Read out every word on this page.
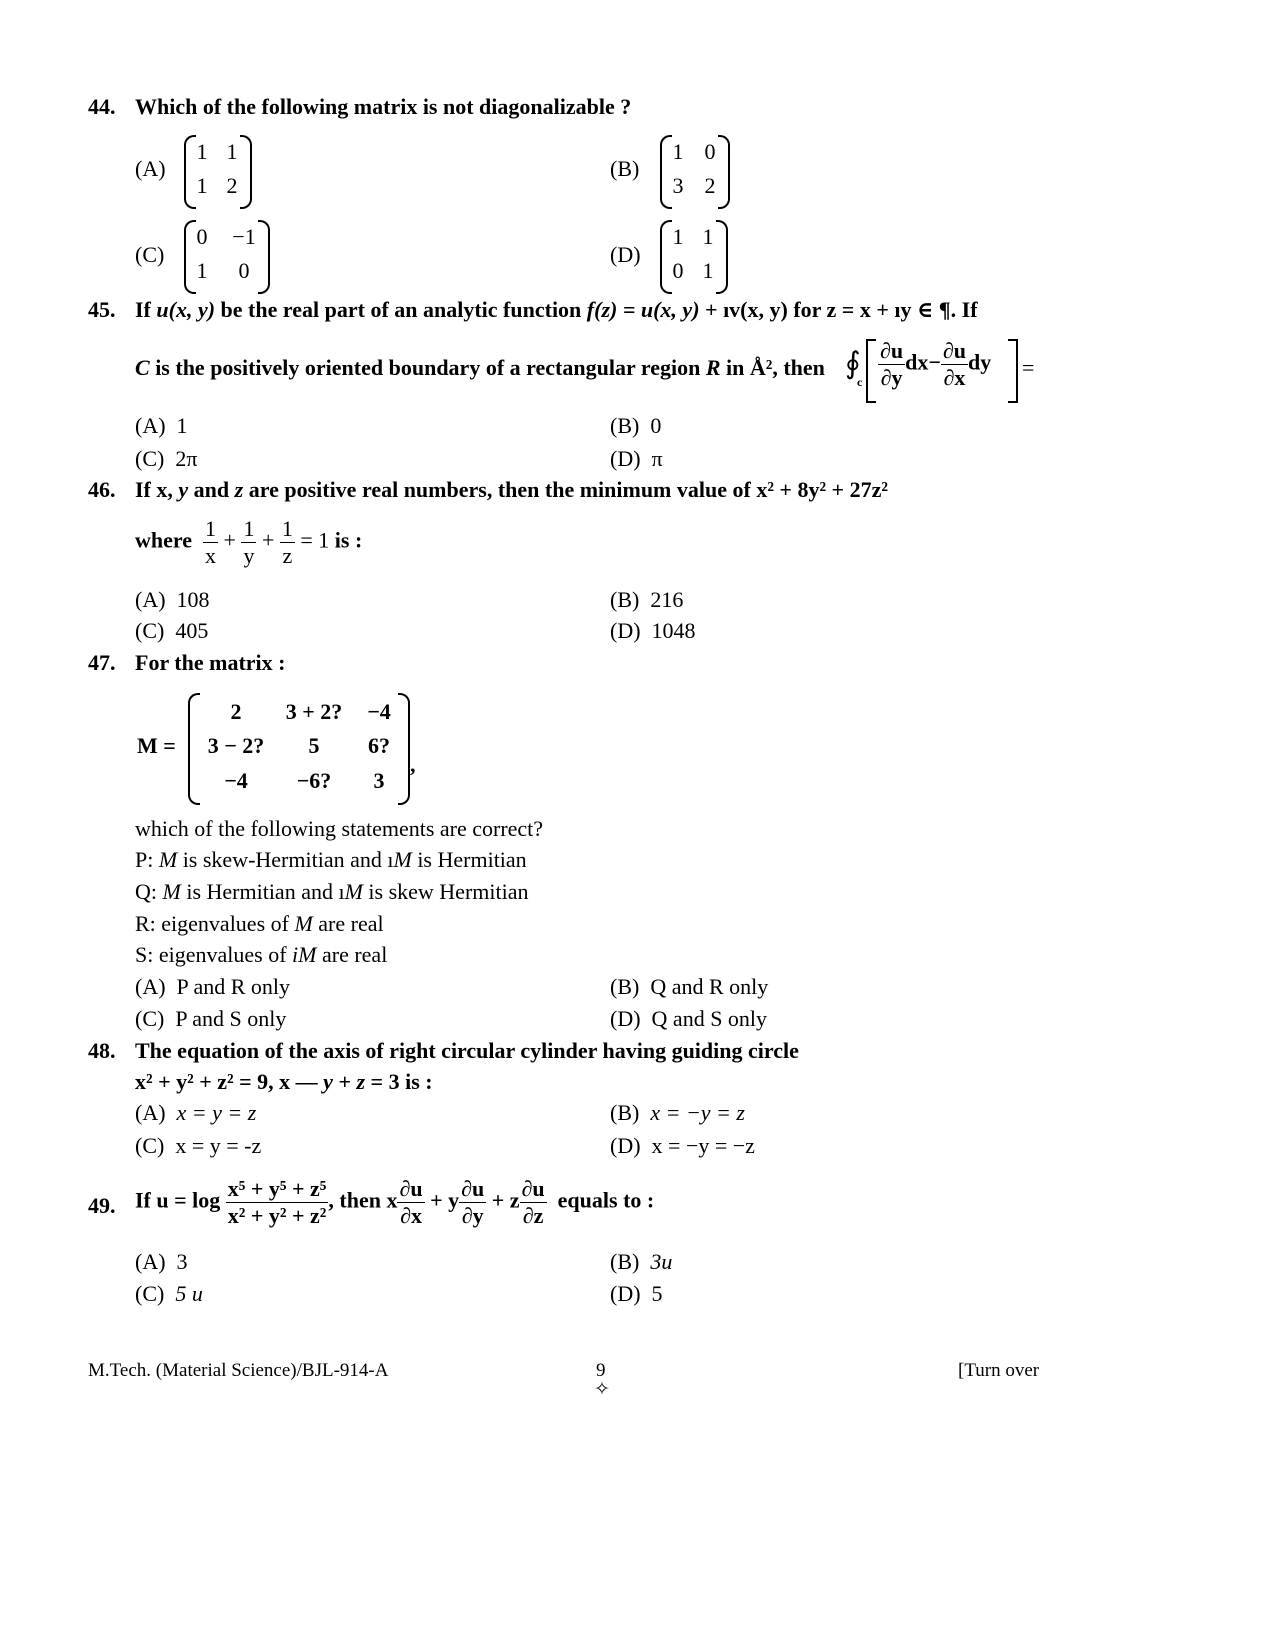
44. Which of the following matrix is not diagonalizable ?
(A)
1 1
1 2
(B)
1 0
3 2
(C)
0 −1
1 0
(D)
1 1
0 1
45. If u(x, y) be the real part of an analytic function f(z) = u(x, y) + ıv(x, y) for z = x + ıy ∈ ¶. If
C is the positively oriented boundary of a rectangular region R in Å², then ∮
c $\frac{\partial u}{\partial y} dx- \frac{\partial u}{\partial x}$ dy =
(A) 1	(B) 0
(C) 2π	(D) π
46. If x, y and z are positive real numbers, then the minimum value of x² + 8y² + 27z²
where $\frac{1}{x} + \frac{1}{y} + \frac{1}{z} = 1$ is :
(A) 108	(B) 216
(C) 405	(D) 1048
47. For the matrix :
M =
2	3 + 2?	−4
3 − 2?	5	6?
−4	−6?	3
,
which of the following statements are correct?
P: M is skew-Hermitian and ıM is Hermitian
Q: M is Hermitian and ıM is skew Hermitian
R: eigenvalues of M are real
S: eigenvalues of iM are real
(A) P and R only	(B) Q and R only
(C) P and S only	(D) Q and S only
48. The equation of the axis of right circular cylinder having guiding circle
x² + y² + z² = 9, x — y + z = 3 is :
(A) x = y = z	(B) x = −y = z
(C) x = y = -z	(D) x = −y = −z
49. If $u = \log \frac{\text{x⁵ + y⁵ + z⁵}}{\text{x² + y² + z²}}$ , then x $\frac{\partial u}{\partial x} + y \frac{\partial u}{\partial y} + z \frac{\partial u}{\partial z}$ equals to :
(A) 3	(B) 3u
(C) 5 u	(D) 5
M.Tech. (Material Science)/BJL-914-A	9
✧
[Turn over
